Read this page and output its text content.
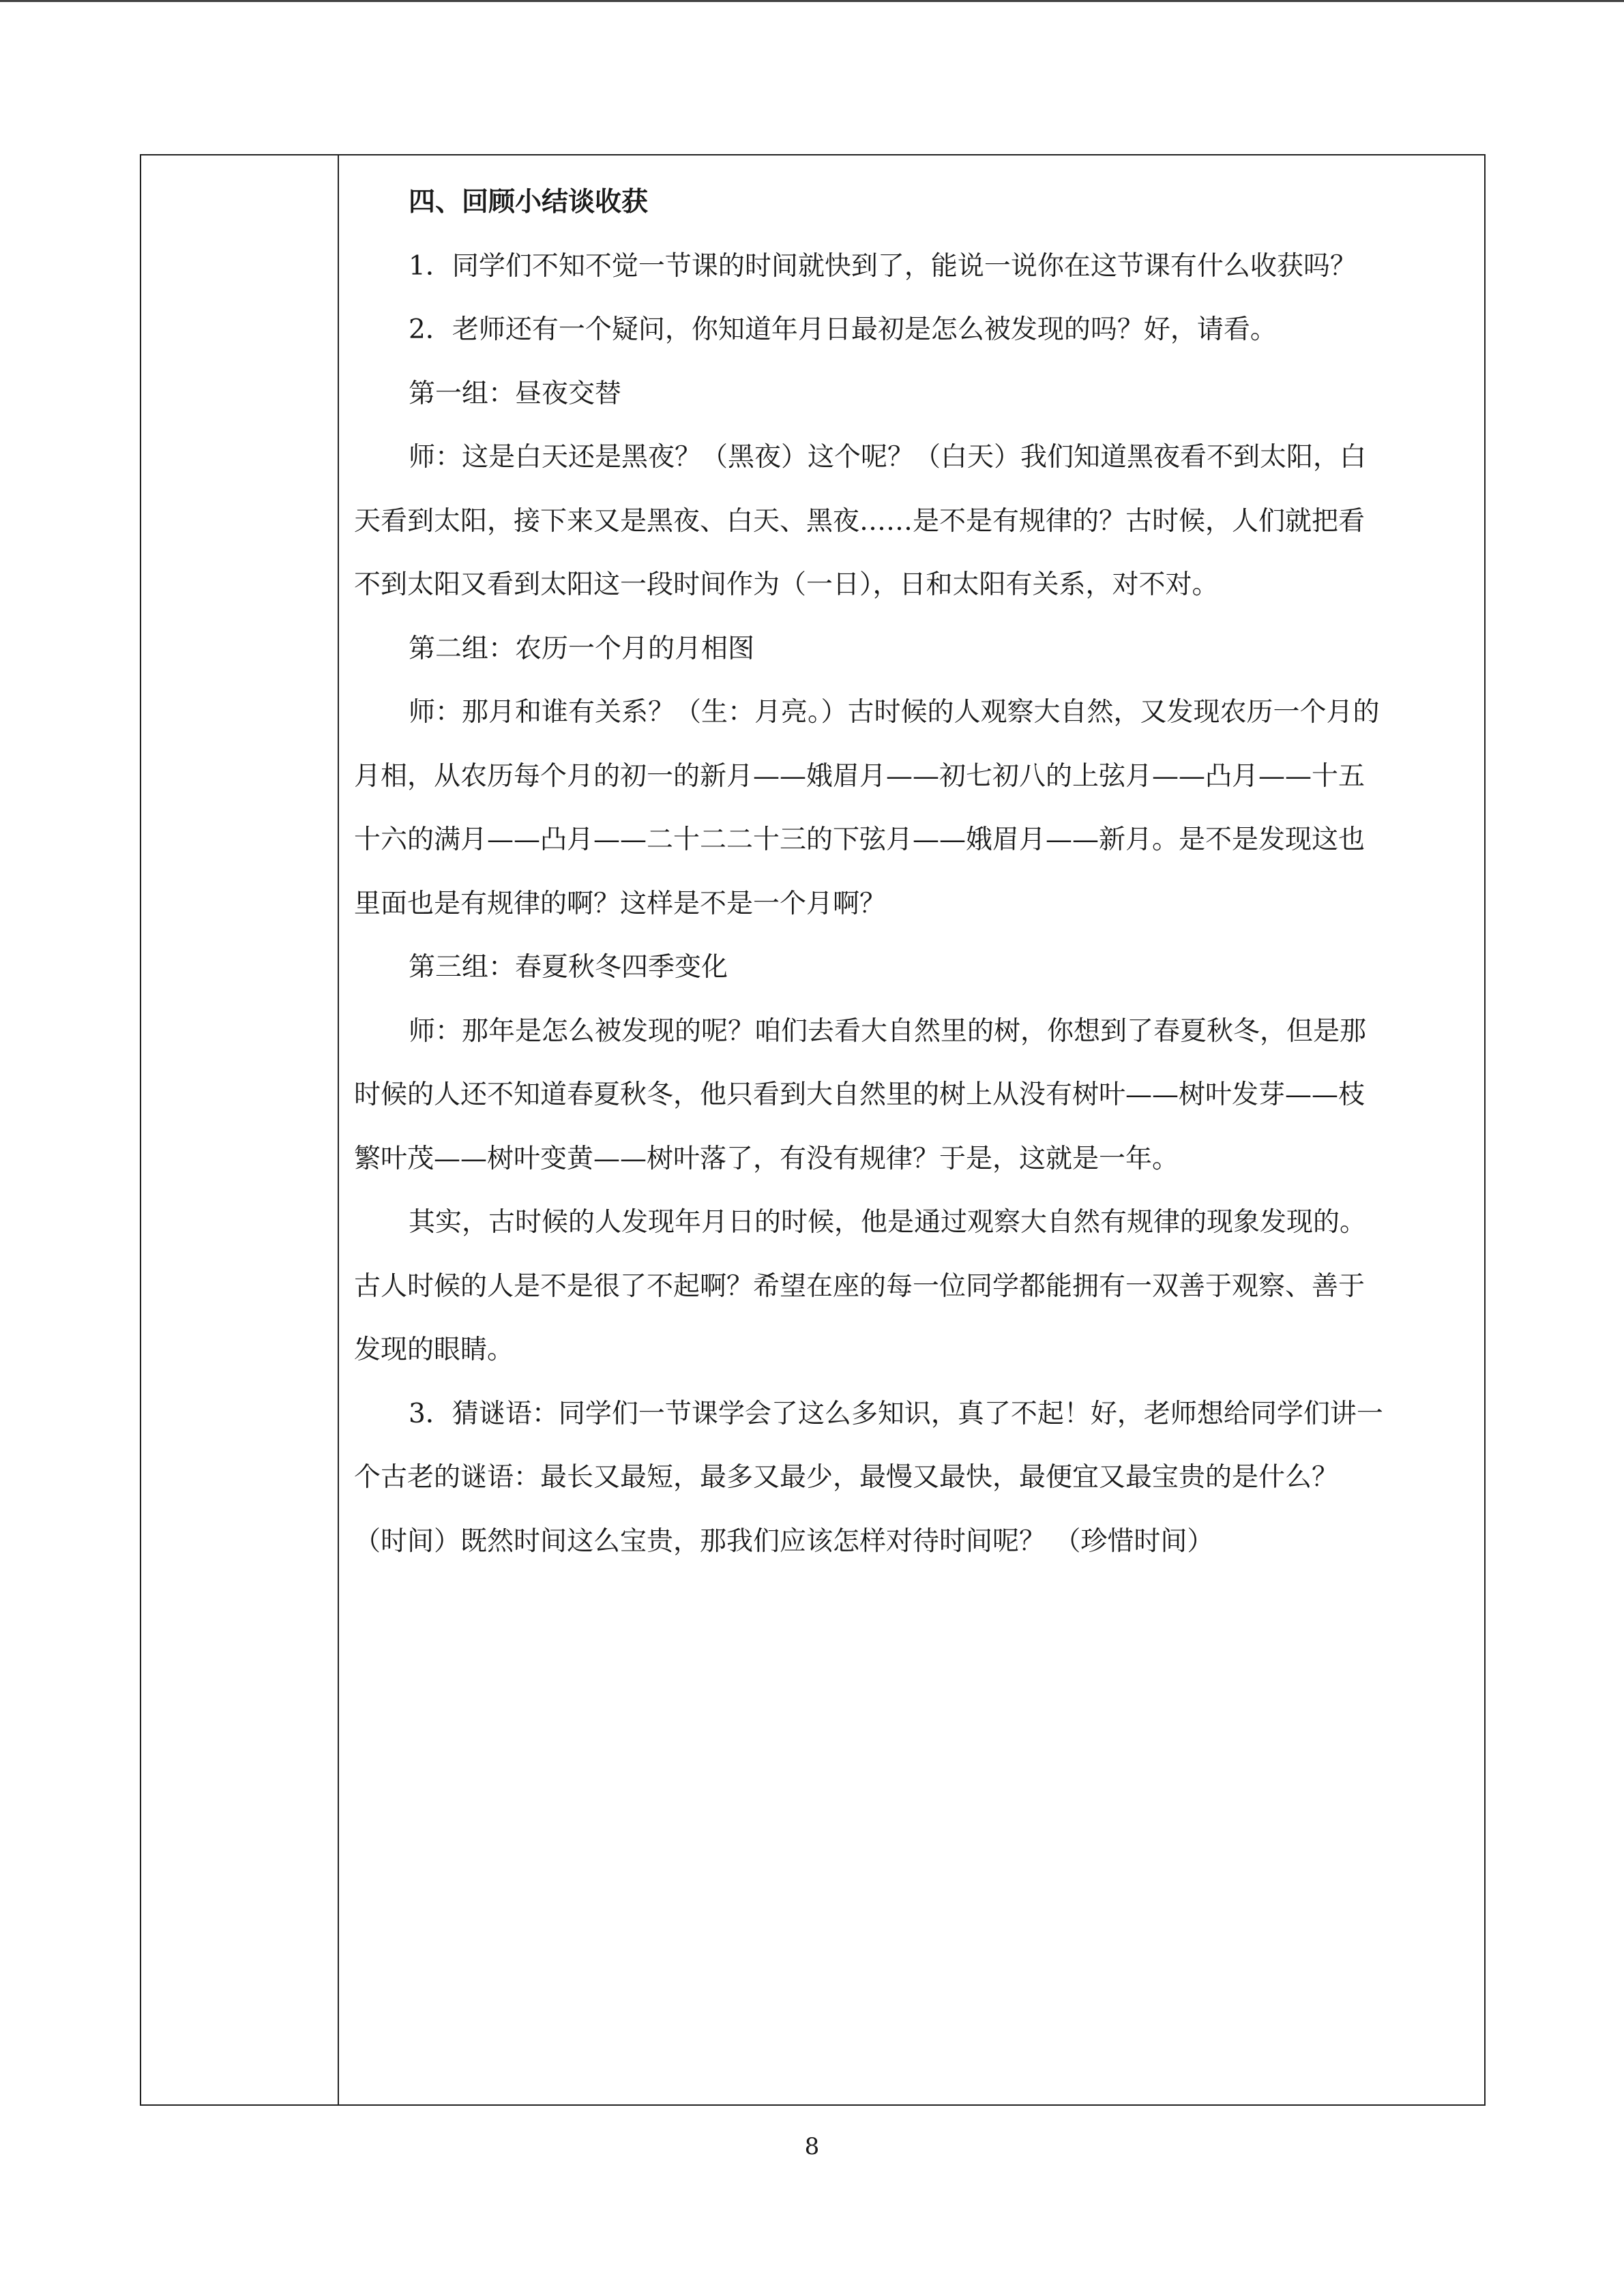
四、回顾小结谈收获
1．同学们不知不觉一节课的时间就快到了，能说一说你在这节课有什么收获吗？
2．老师还有一个疑问，你知道年月日最初是怎么被发现的吗？好，请看。
第一组：昼夜交替
师：这是白天还是黑夜？（黑夜）这个呢？（白天）我们知道黑夜看不到太阳，白
天看到太阳，接下来又是黑夜、白天、黑夜……是不是有规律的？古时候，人们就把看
不到太阳又看到太阳这一段时间作为（一日），日和太阳有关系，对不对。
第二组：农历一个月的月相图
师：那月和谁有关系？（生：月亮。）古时候的人观察大自然，又发现农历一个月的
月相，从农历每个月的初一的新月——娥眉月——初七初八的上弦月——凸月——十五
十六的满月——凸月——二十二二十三的下弦月——娥眉月——新月。是不是发现这也
里面也是有规律的啊？这样是不是一个月啊？
第三组：春夏秋冬四季变化
师：那年是怎么被发现的呢？咱们去看大自然里的树，你想到了春夏秋冬，但是那
时候的人还不知道春夏秋冬，他只看到大自然里的树上从没有树叶——树叶发芽——枝
繁叶茂——树叶变黄——树叶落了，有没有规律？于是，这就是一年。
其实，古时候的人发现年月日的时候，他是通过观察大自然有规律的现象发现的。
古人时候的人是不是很了不起啊？希望在座的每一位同学都能拥有一双善于观察、善于
发现的眼睛。
3．猜谜语：同学们一节课学会了这么多知识，真了不起！好，老师想给同学们讲一
个古老的谜语：最长又最短，最多又最少，最慢又最快，最便宜又最宝贵的是什么？
（时间）既然时间这么宝贵，那我们应该怎样对待时间呢？ （珍惜时间）
8
